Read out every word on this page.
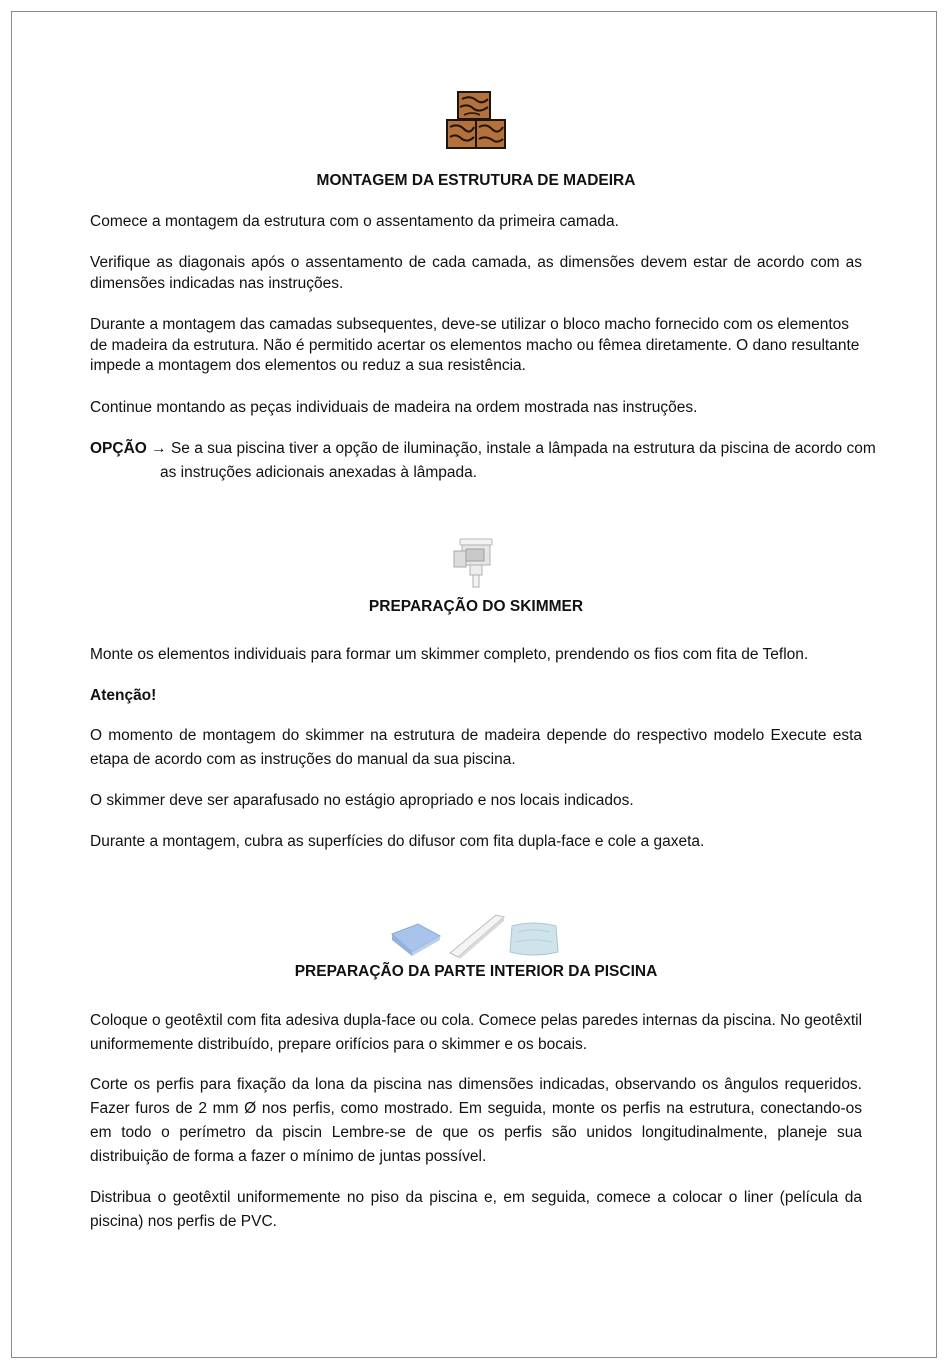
MONTAGEM DA ESTRUTURA DE MADEIRA

Comece a montagem da estrutura com o assentamento da primeira camada.

Verifique as diagonais após o assentamento de cada camada, as dimensões devem estar de acordo com as dimensões indicadas nas instruções.

Durante a montagem das camadas subsequentes, deve-se utilizar o bloco macho fornecido com os elementos de madeira da estrutura. Não é permitido acertar os elementos macho ou fêmea diretamente. O dano resultante impede a montagem dos elementos ou reduz a sua resistência.

Continue montando as peças individuais de madeira na ordem mostrada nas instruções.

OPÇÃO → Se a sua piscina tiver a opção de iluminação, instale a lâmpada na estrutura da piscina de acordo com
as instruções adicionais anexadas à lâmpada.
PREPARAÇÃO DO SKIMMER

Monte os elementos individuais para formar um skimmer completo, prendendo os fios com fita de Teflon.

Atenção!

O momento de montagem do skimmer na estrutura de madeira depende do respectivo modelo Execute esta etapa de acordo com as instruções do manual da sua piscina.

O skimmer deve ser aparafusado no estágio apropriado e nos locais indicados.

Durante a montagem, cubra as superfícies do difusor com fita dupla-face e cole a gaxeta.

PREPARAÇÃO DA PARTE INTERIOR DA PISCINA

Coloque o geotêxtil com fita adesiva dupla-face ou cola. Comece pelas paredes internas da piscina. No geotêxtil uniformemente distribuído, prepare orifícios para o skimmer e os bocais.

Corte os perfis para fixação da lona da piscina nas dimensões indicadas, observando os ângulos requeridos. Fazer furos de 2 mm Ø nos perfis, como mostrado. Em seguida, monte os perfis na estrutura, conectando-os em todo o perímetro da piscin Lembre-se de que os perfis são unidos longitudinalmente, planeje sua distribuição de forma a fazer o mínimo de juntas possível.

Distribua o geotêxtil uniformemente no piso da piscina e, em seguida, comece a colocar o liner (película da piscina) nos perfis de PVC.
